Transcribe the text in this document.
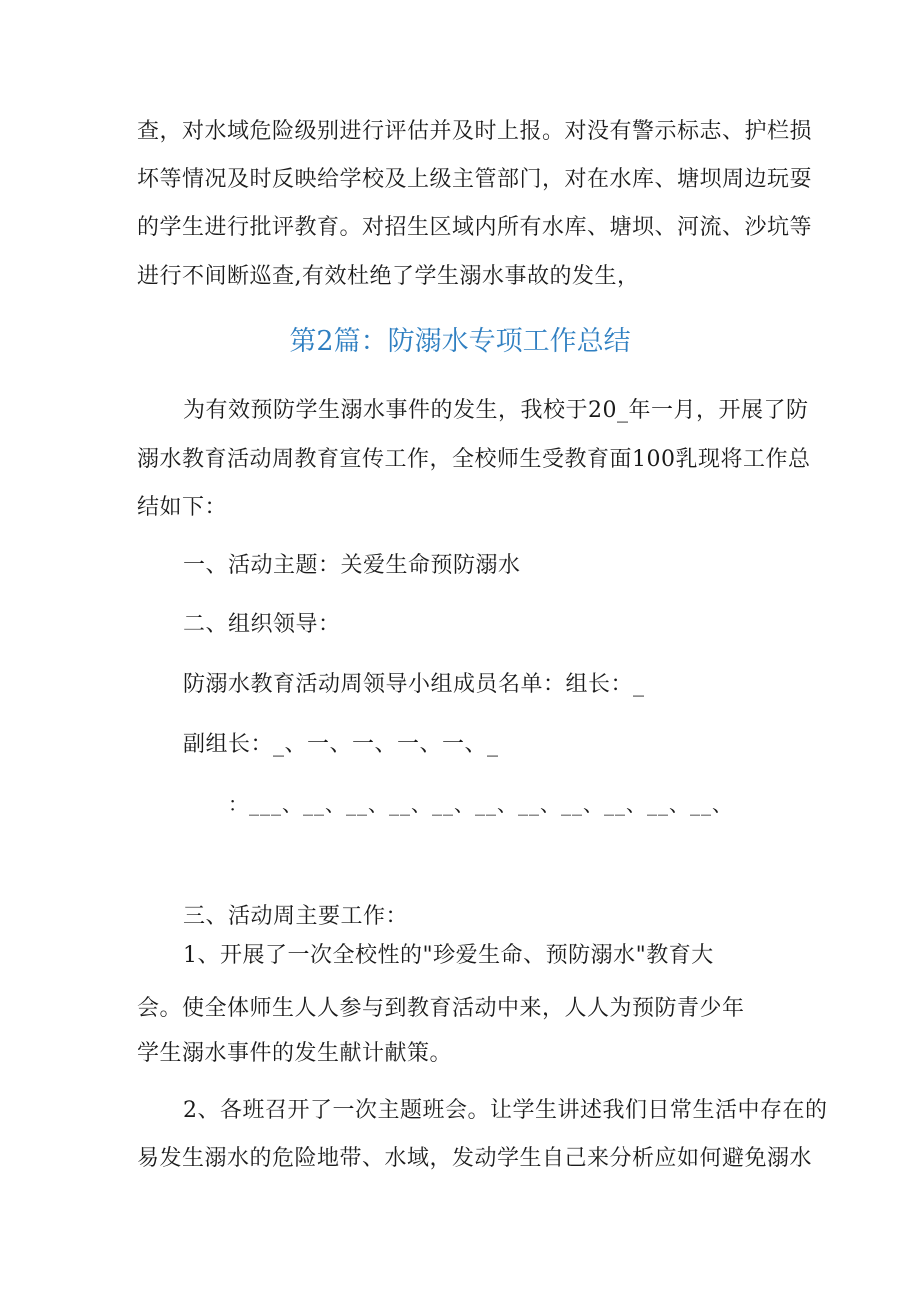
查，对水域危险级别进行评估并及时上报。对没有警示标志、护栏损
坏等情况及时反映给学校及上级主管部门，对在水库、塘坝周边玩耍
的学生进行批评教育。对招生区域内所有水库、塘坝、河流、沙坑等
进行不间断巡查,有效杜绝了学生溺水事故的发生，
第2篇：防溺水专项工作总结
为有效预防学生溺水事件的发生，我校于20_年一月，开展了防
溺水教育活动周教育宣传工作，全校师生受教育面100乳现将工作总
结如下：
一、活动主题：关爱生命预防溺水
二、组织领导：
防溺水教育活动周领导小组成员名单：组长：_
副组长：_、一、一、一、一、_
：___、__、__、__、__、__、__、__、__、__、__、
三、活动周主要工作：
1、开展了一次全校性的"珍爱生命、预防溺水"教育大
会。使全体师生人人参与到教育活动中来，人人为预防青少年
学生溺水事件的发生献计献策。
2、各班召开了一次主题班会。让学生讲述我们日常生活中存在的
易发生溺水的危险地带、水域，发动学生自己来分析应如何避免溺水
